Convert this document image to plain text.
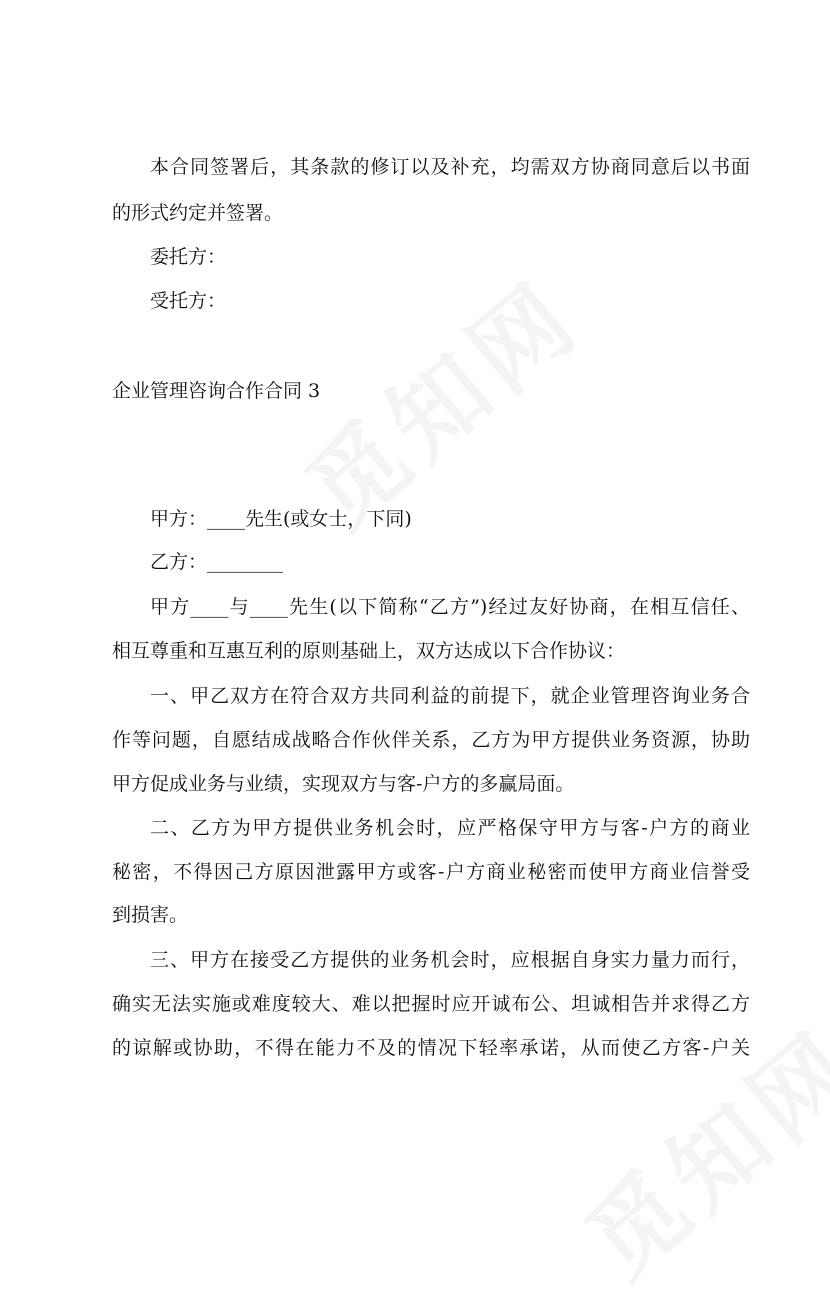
本合同签署后，其条款的修订以及补充，均需双方协商同意后以书面
的形式约定并签署。
委托方：
受托方：
企业管理咨询合作合同 3
甲方：____先生(或女士，下同)
乙方：________
甲方____与____先生(以下简称“乙方”)经过友好协商，在相互信任、
相互尊重和互惠互利的原则基础上，双方达成以下合作协议：
一、甲乙双方在符合双方共同利益的前提下，就企业管理咨询业务合
作等问题，自愿结成战略合作伙伴关系，乙方为甲方提供业务资源，协助
甲方促成业务与业绩，实现双方与客-户方的多赢局面。
二、乙方为甲方提供业务机会时，应严格保守甲方与客-户方的商业
秘密，不得因己方原因泄露甲方或客-户方商业秘密而使甲方商业信誉受
到损害。
三、甲方在接受乙方提供的业务机会时，应根据自身实力量力而行，
确实无法实施或难度较大、难以把握时应开诚布公、坦诚相告并求得乙方
的谅解或协助，不得在能力不及的情况下轻率承诺，从而使乙方客-户关
